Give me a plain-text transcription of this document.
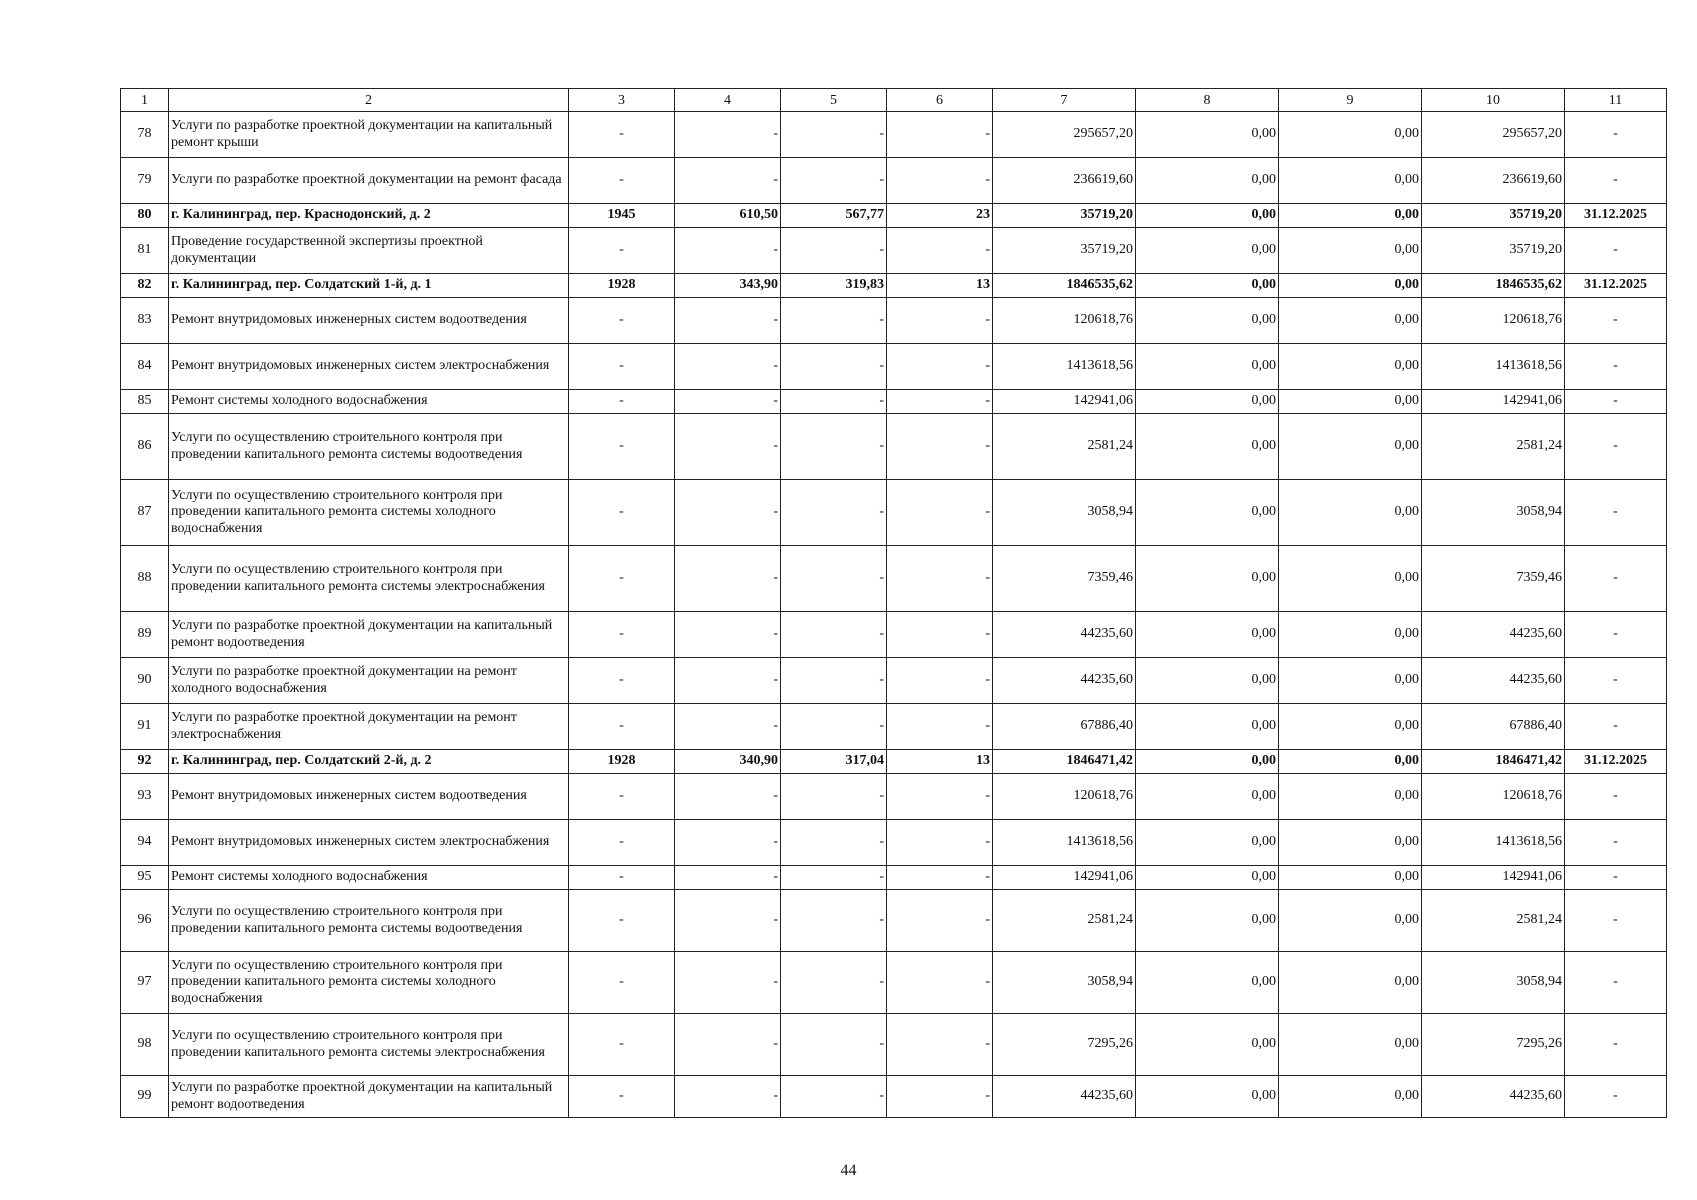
1	2	3	4	5	6	7	8	9	10	11
78	Услуги по разработке проектной документации на капитальный ремонт крыши	-	-	-	-	295657,20	0,00	0,00	295657,20	-
79	Услуги по разработке проектной документации на ремонт фасада	-	-	-	-	236619,60	0,00	0,00	236619,60	-
80	г. Калининград, пер. Краснодонский, д. 2	1945	610,50	567,77	23	35719,20	0,00	0,00	35719,20	31.12.2025
81	Проведение государственной экспертизы проектной документации	-	-	-	-	35719,20	0,00	0,00	35719,20	-
82	г. Калининград, пер. Солдатский 1-й, д. 1	1928	343,90	319,83	13	1846535,62	0,00	0,00	1846535,62	31.12.2025
83	Ремонт внутридомовых инженерных систем водоотведения	-	-	-	-	120618,76	0,00	0,00	120618,76	-
84	Ремонт внутридомовых инженерных систем электроснабжения	-	-	-	-	1413618,56	0,00	0,00	1413618,56	-
85	Ремонт системы холодного водоснабжения	-	-	-	-	142941,06	0,00	0,00	142941,06	-
86	Услуги по осуществлению строительного контроля при проведении капитального ремонта системы водоотведения	-	-	-	-	2581,24	0,00	0,00	2581,24	-
87	Услуги по осуществлению строительного контроля при проведении капитального ремонта системы холодного водоснабжения	-	-	-	-	3058,94	0,00	0,00	3058,94	-
88	Услуги по осуществлению строительного контроля при проведении капитального ремонта системы электроснабжения	-	-	-	-	7359,46	0,00	0,00	7359,46	-
89	Услуги по разработке проектной документации на капитальный ремонт водоотведения	-	-	-	-	44235,60	0,00	0,00	44235,60	-
90	Услуги по разработке проектной документации на ремонт холодного водоснабжения	-	-	-	-	44235,60	0,00	0,00	44235,60	-
91	Услуги по разработке проектной документации на ремонт электроснабжения	-	-	-	-	67886,40	0,00	0,00	67886,40	-
92	г. Калининград, пер. Солдатский 2-й, д. 2	1928	340,90	317,04	13	1846471,42	0,00	0,00	1846471,42	31.12.2025
93	Ремонт внутридомовых инженерных систем водоотведения	-	-	-	-	120618,76	0,00	0,00	120618,76	-
94	Ремонт внутридомовых инженерных систем электроснабжения	-	-	-	-	1413618,56	0,00	0,00	1413618,56	-
95	Ремонт системы холодного водоснабжения	-	-	-	-	142941,06	0,00	0,00	142941,06	-
96	Услуги по осуществлению строительного контроля при проведении капитального ремонта системы водоотведения	-	-	-	-	2581,24	0,00	0,00	2581,24	-
97	Услуги по осуществлению строительного контроля при проведении капитального ремонта системы холодного водоснабжения	-	-	-	-	3058,94	0,00	0,00	3058,94	-
98	Услуги по осуществлению строительного контроля при проведении капитального ремонта системы электроснабжения	-	-	-	-	7295,26	0,00	0,00	7295,26	-
99	Услуги по разработке проектной документации на капитальный ремонт водоотведения	-	-	-	-	44235,60	0,00	0,00	44235,60	-
44
